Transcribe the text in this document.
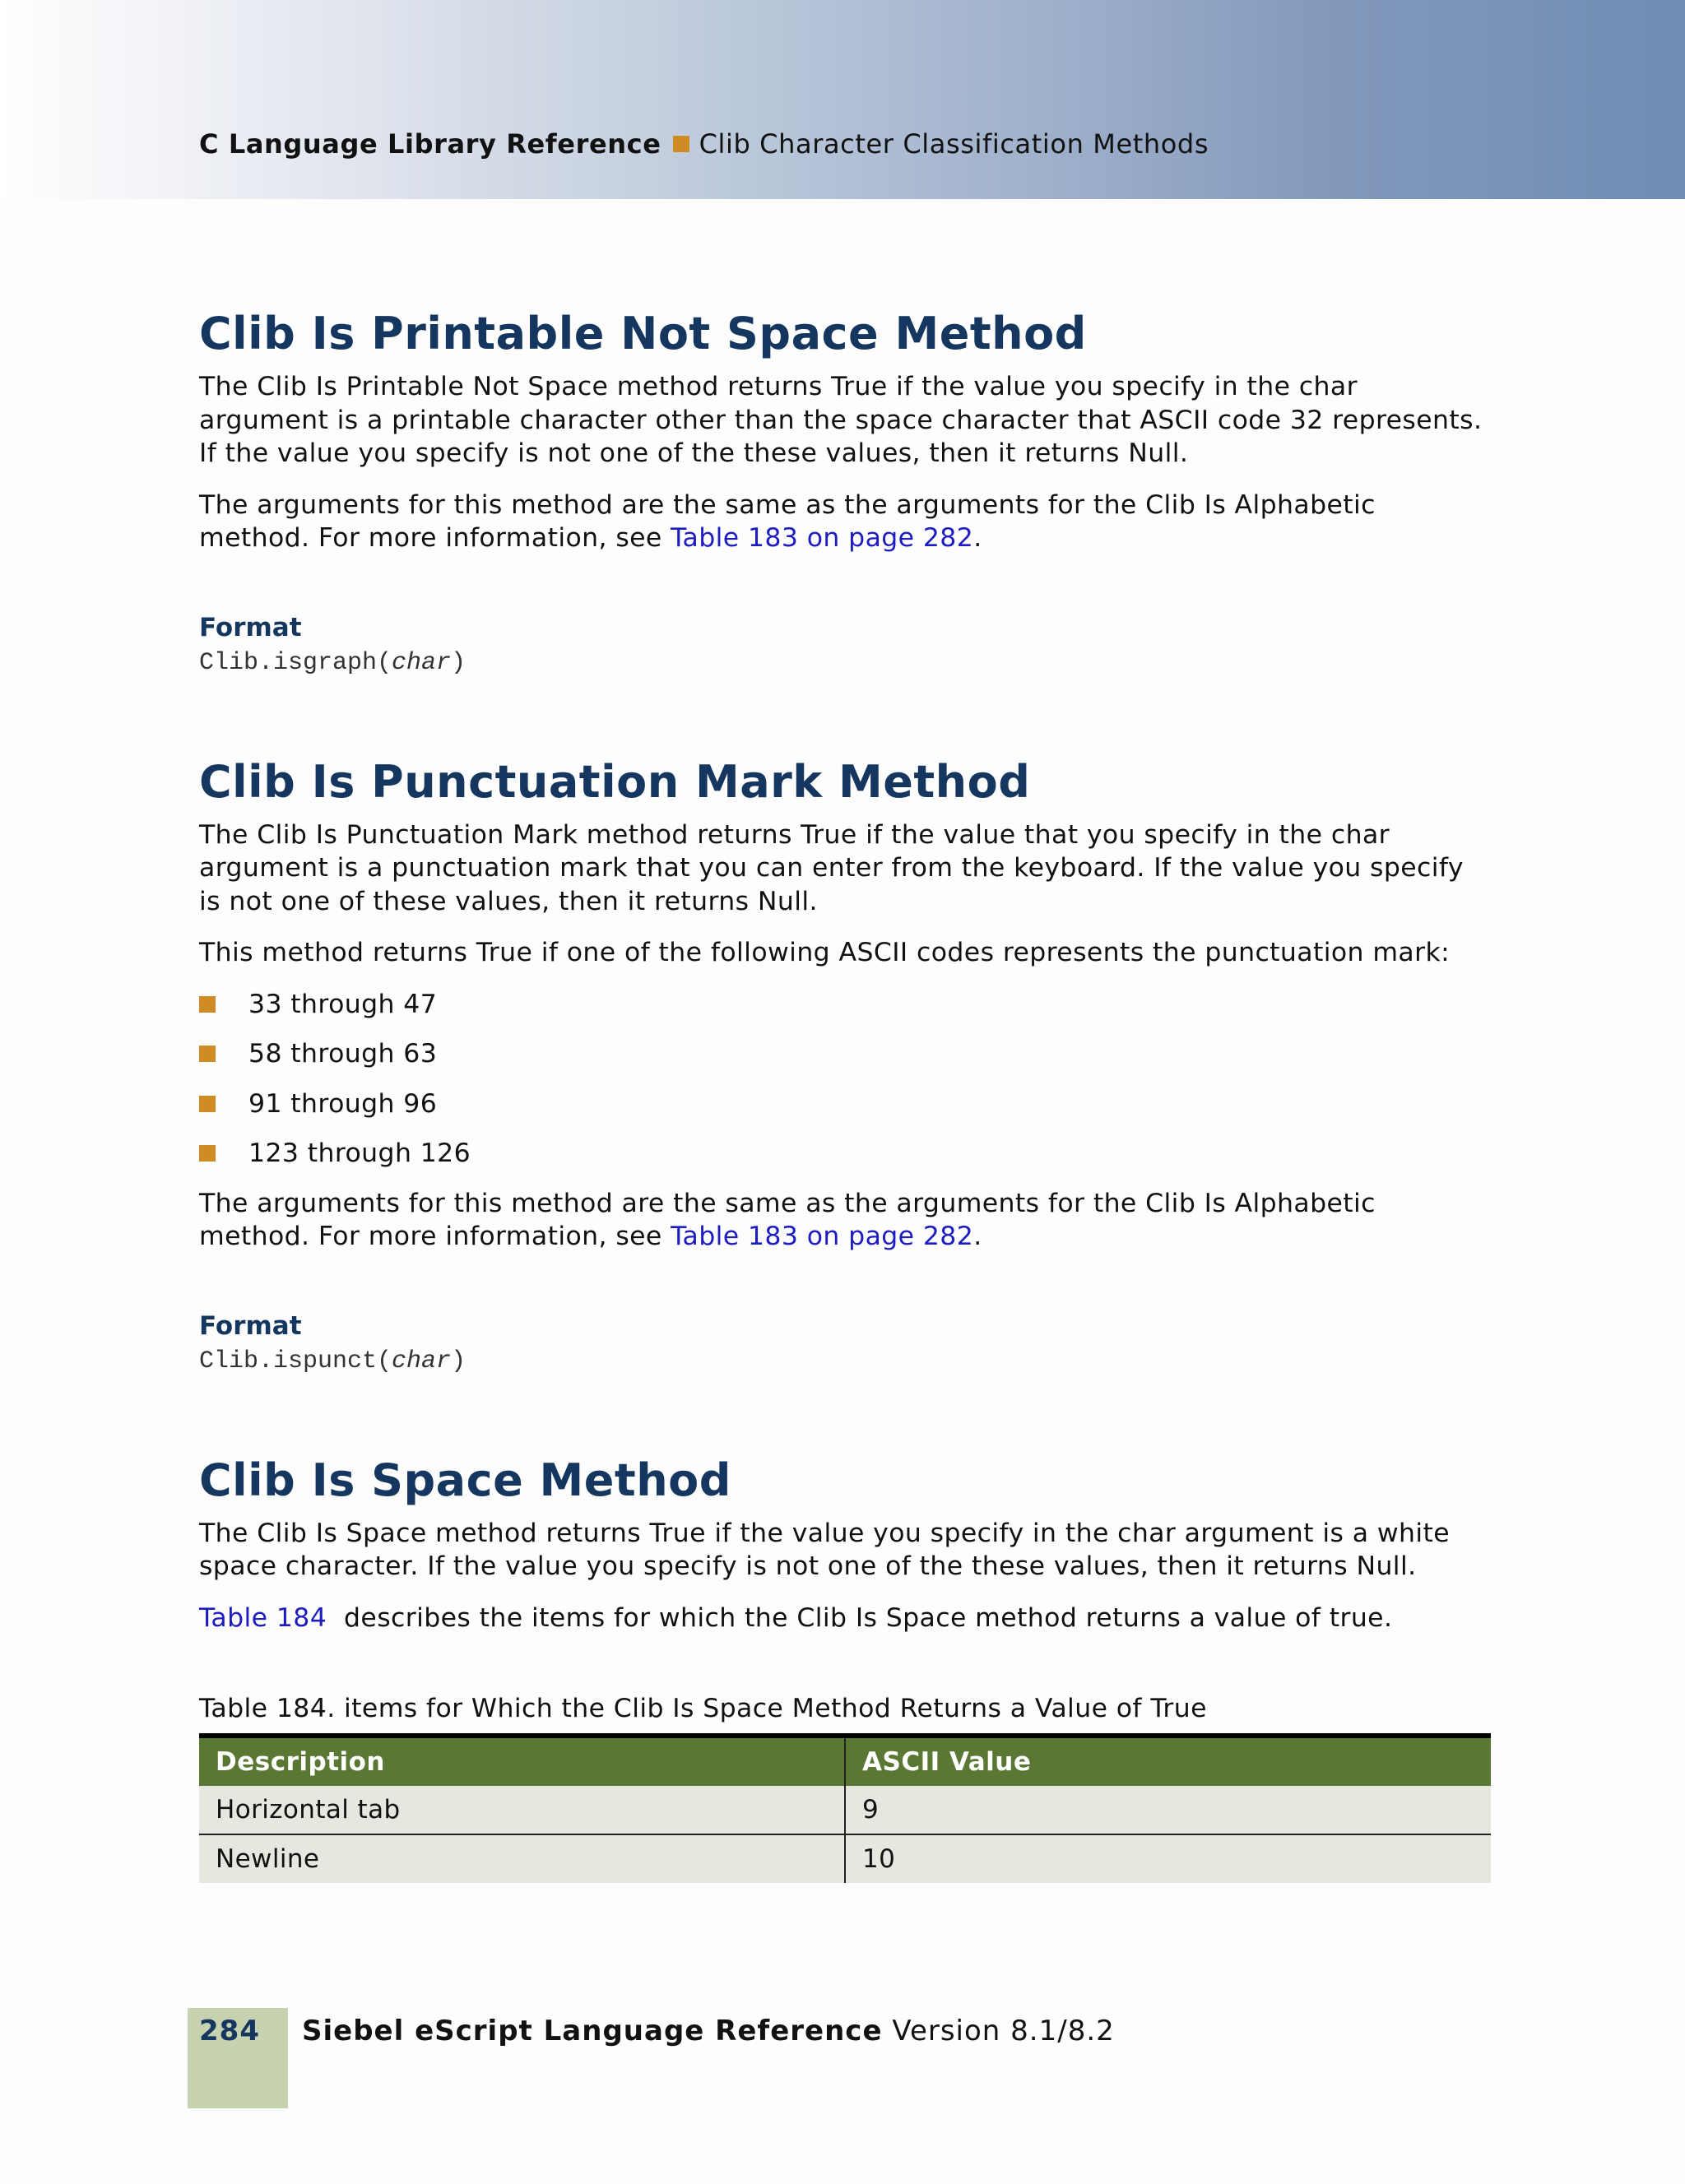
C Language Library Reference Clib Character Classification Methods
Clib Is Printable Not Space Method

The Clib Is Printable Not Space method returns True if the value you specify in the char argument is a printable character other than the space character that ASCII code 32 represents. If the value you specify is not one of the these values, then it returns Null.

The arguments for this method are the same as the arguments for the Clib Is Alphabetic method. For more information, see Table 183 on page 282.

Format
Clib.isgraph(char)
Clib Is Punctuation Mark Method

The Clib Is Punctuation Mark method returns True if the value that you specify in the char argument is a punctuation mark that you can enter from the keyboard. If the value you specify is not one of these values, then it returns Null.

This method returns True if one of the following ASCII codes represents the punctuation mark:

33 through 47
58 through 63
91 through 96
123 through 126

The arguments for this method are the same as the arguments for the Clib Is Alphabetic method. For more information, see Table 183 on page 282.

Format
Clib.ispunct(char)
Clib Is Space Method

The Clib Is Space method returns True if the value you specify in the char argument is a white space character. If the value you specify is not one of the these values, then it returns Null.

Table 184 describes the items for which the Clib Is Space method returns a value of true.

Table 184. items for Which the Clib Is Space Method Returns a Value of True
Description	ASCII Value
Horizontal tab	9
Newline	10
284 Siebel eScript Language Reference Version 8.1/8.2
